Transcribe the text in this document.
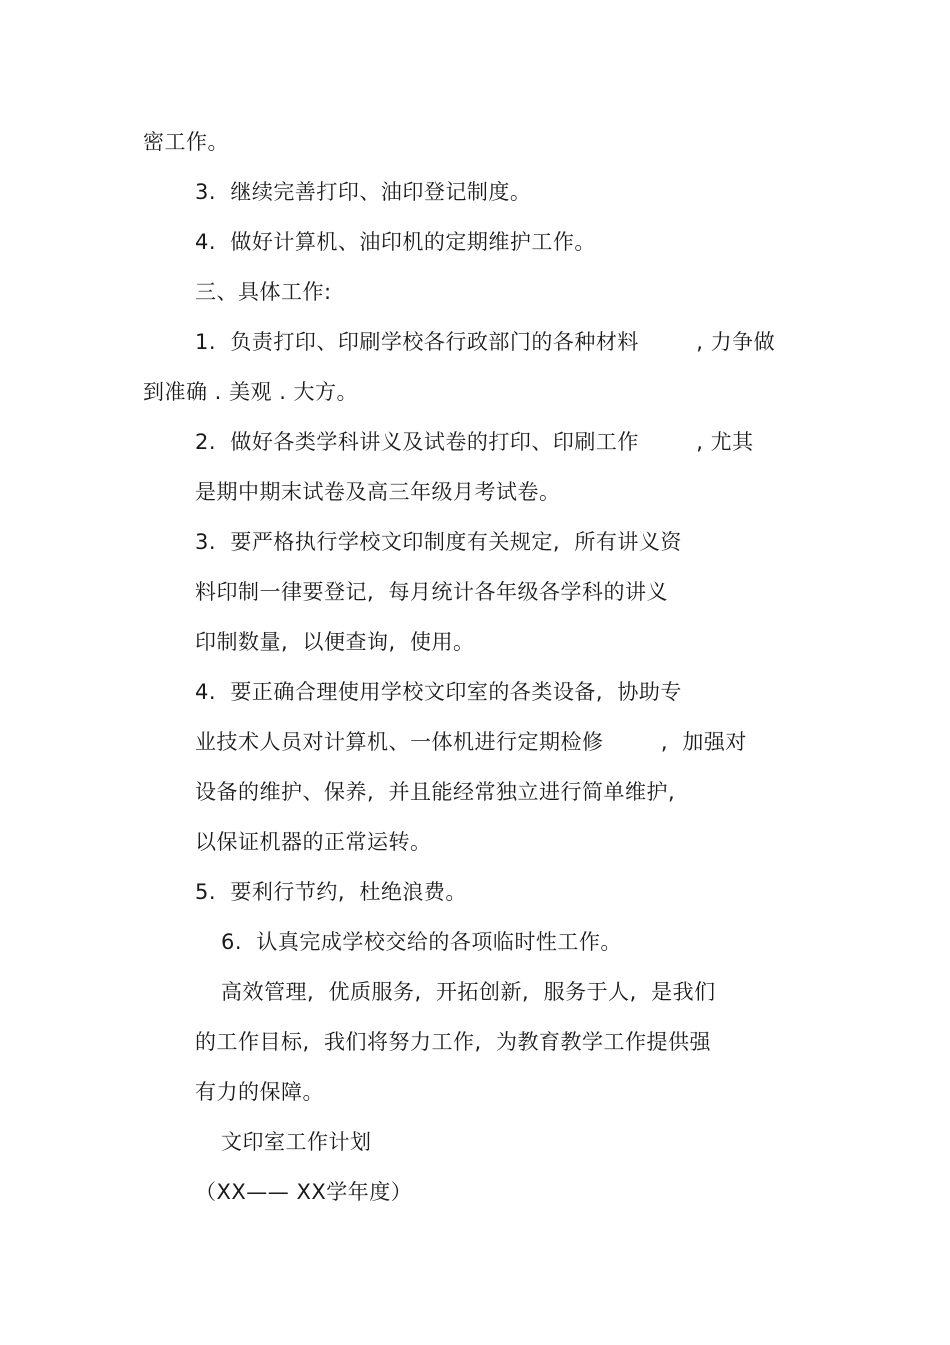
密工作。
3.  继续完善打印、油印登记制度。
4.  做好计算机、油印机的定期维护工作。
三、具体工作:
1.  负责打印、印刷学校各行政部门的各种材料        , 力争做
到准确 . 美观 . 大方。
2.  做好各类学科讲义及试卷的打印、印刷工作        , 尤其
是期中期末试卷及高三年级月考试卷。
3.  要严格执行学校文印制度有关规定,  所有讲义资
料印制一律要登记,  每月统计各年级各学科的讲义
印制数量,  以便查询,  使用。
4.  要正确合理使用学校文印室的各类设备,  协助专
业技术人员对计算机、一体机进行定期检修        ,  加强对
设备的维护、保养,  并且能经常独立进行简单维护,
以保证机器的正常运转。
5.  要利行节约,  杜绝浪费。
6.  认真完成学校交给的各项临时性工作。
高效管理,  优质服务,  开拓创新,  服务于人,  是我们
的工作目标,  我们将努力工作,  为教育教学工作提供强
有力的保障。
文印室工作计划
（XX—— XX学年度）
